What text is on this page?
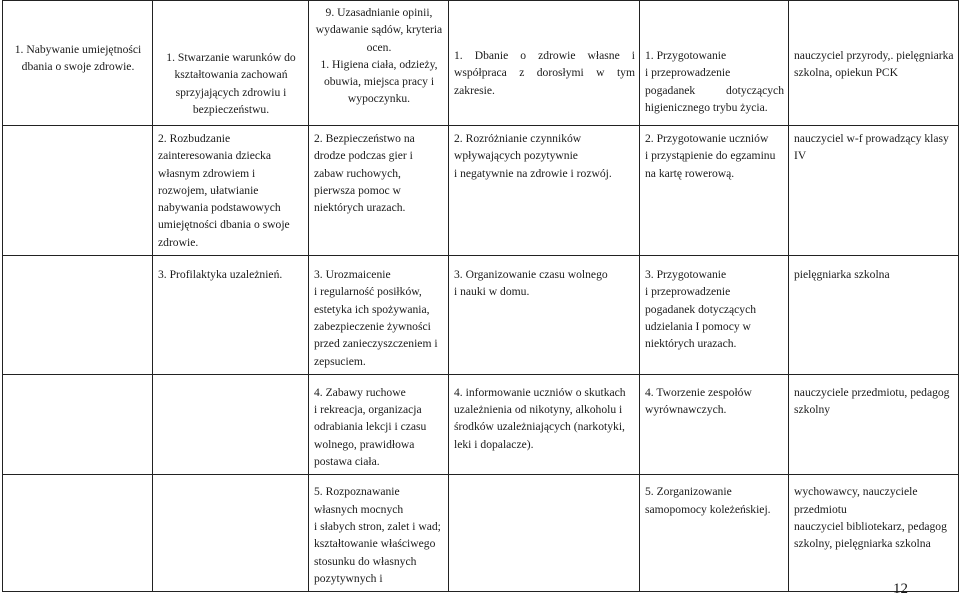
1. Nabywanie umiejętności dbania o swoje zdrowie.	1. Stwarzanie warunków do kształtowania zachowań sprzyjających zdrowiu i bezpieczeństwu.	9. Uzasadnianie opinii, wydawanie sądów, kryteria ocen.
1. Higiena ciała, odzieży, obuwia, miejsca pracy i wypoczynku.	1. Dbanie o zdrowie własne i współpraca z dorosłymi w tym zakresie.	1. Przygotowanie
i przeprowadzenie
pogadanek dotyczących higienicznego trybu życia.	nauczyciel przyrody,. pielęgniarka szkolna, opiekun PCK
	2. Rozbudzanie zainteresowania dziecka własnym zdrowiem i rozwojem, ułatwianie nabywania podstawowych umiejętności dbania o swoje zdrowie.	2. Bezpieczeństwo na drodze podczas gier i zabaw ruchowych, pierwsza pomoc w niektórych urazach.	2. Rozróżnianie czynników wpływających pozytywnie
i negatywnie na zdrowie i rozwój.	2. Przygotowanie uczniów
i przystąpienie do egzaminu na kartę rowerową.	nauczyciel w-f prowadzący klasy IV
	3. Profilaktyka uzależnień.	3. Urozmaicenie
i regularność posiłków, estetyka ich spożywania, zabezpieczenie żywności przed zanieczyszczeniem i zepsuciem.	3. Organizowanie czasu wolnego
i nauki w domu.	3. Przygotowanie
i przeprowadzenie
pogadanek dotyczących udzielania I pomocy w niektórych urazach.	pielęgniarka szkolna
		4. Zabawy ruchowe
i rekreacja, organizacja odrabiania lekcji i czasu wolnego, prawidłowa postawa ciała.	4. informowanie uczniów o skutkach uzależnienia od nikotyny, alkoholu i środków uzależniających (narkotyki, leki i dopalacze).	4. Tworzenie zespołów wyrównawczych.	nauczyciele przedmiotu, pedagog szkolny
		5. Rozpoznawanie
własnych mocnych
i słabych stron, zalet i wad; kształtowanie właściwego stosunku do własnych pozytywnych i		5. Zorganizowanie samopomocy koleżeńskiej.	wychowawcy, nauczyciele przedmiotu
nauczyciel bibliotekarz, pedagog szkolny, pielęgniarka szkolna
12
